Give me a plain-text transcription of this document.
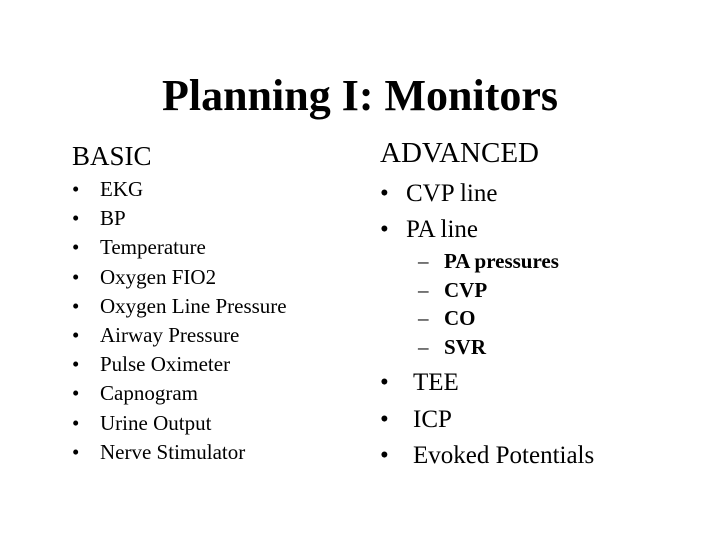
Planning I: Monitors
BASIC
• EKG
• BP
• Temperature
• Oxygen FIO2
• Oxygen Line Pressure
• Airway Pressure
• Pulse Oximeter
• Capnogram
• Urine Output
• Nerve Stimulator
ADVANCED
• CVP line
• PA line
– PA pressures
– CVP
– CO
– SVR
• TEE
• ICP
• Evoked Potentials
